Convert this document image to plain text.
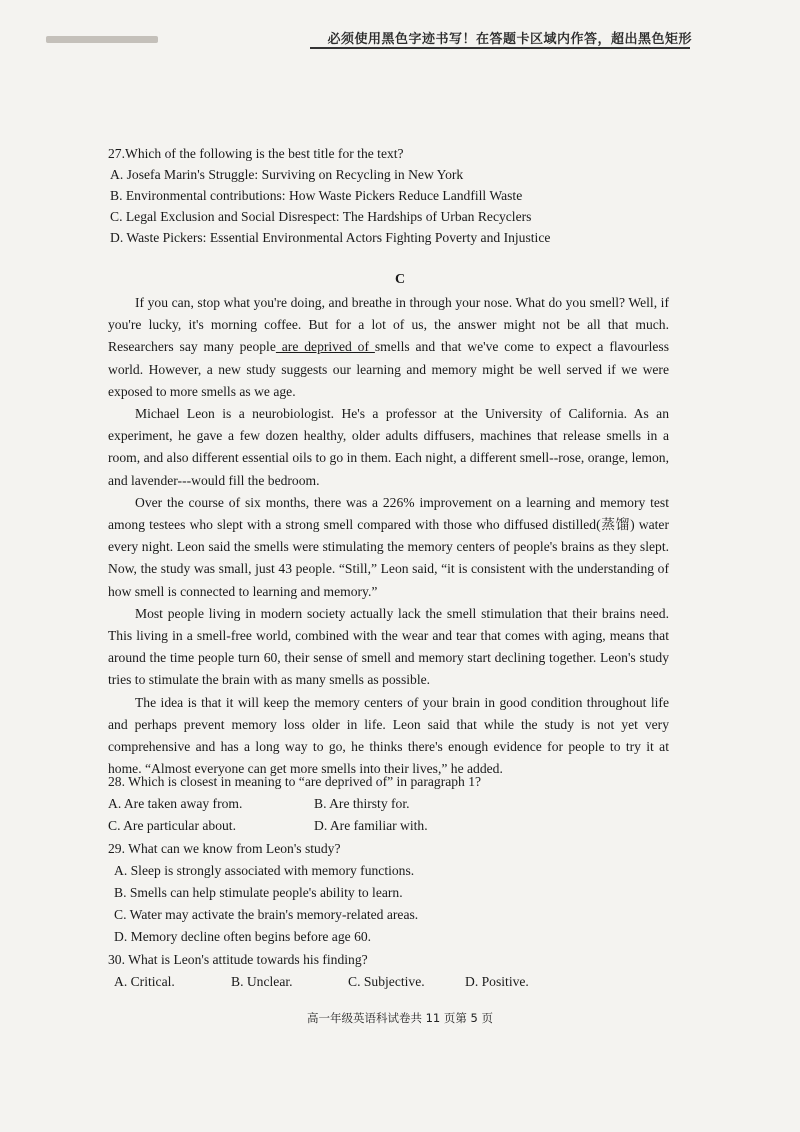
必须使用黑色字迹书写！在答题卡区域内作答，超出黑色矩形
27.Which of the following is the best title for the text?
A. Josefa Marin's Struggle: Surviving on Recycling in New York
B. Environmental contributions: How Waste Pickers Reduce Landfill Waste
C. Legal Exclusion and Social Disrespect: The Hardships of Urban Recyclers
D. Waste Pickers: Essential Environmental Actors Fighting Poverty and Injustice
C

If you can, stop what you're doing, and breathe in through your nose. What do you smell? Well, if you're lucky, it's morning coffee. But for a lot of us, the answer might not be all that much. Researchers say many people are deprived of smells and that we've come to expect a flavourless world. However, a new study suggests our learning and memory might be well served if we were exposed to more smells as we age.

Michael Leon is a neurobiologist. He's a professor at the University of California. As an experiment, he gave a few dozen healthy, older adults diffusers, machines that release smells in a room, and also different essential oils to go in them. Each night, a different smell--rose, orange, lemon, and lavender---would fill the bedroom.

Over the course of six months, there was a 226% improvement on a learning and memory test among testees who slept with a strong smell compared with those who diffused distilled(蒸馏) water every night. Leon said the smells were stimulating the memory centers of people's brains as they slept. Now, the study was small, just 43 people. “Still,” Leon said, “it is consistent with the understanding of how smell is connected to learning and memory.”

Most people living in modern society actually lack the smell stimulation that their brains need. This living in a smell-free world, combined with the wear and tear that comes with aging, means that around the time people turn 60, their sense of smell and memory start declining together. Leon's study tries to stimulate the brain with as many smells as possible.

The idea is that it will keep the memory centers of your brain in good condition throughout life and perhaps prevent memory loss older in life. Leon said that while the study is not yet very comprehensive and has a long way to go, he thinks there's enough evidence for people to try it at home. “Almost everyone can get more smells into their lives,” he added.

28. Which is closest in meaning to “are deprived of” in paragraph 1?
A. Are taken away from.	B. Are thirsty for.
C. Are particular about.	D. Are familiar with.
29. What can we know from Leon's study?
A. Sleep is strongly associated with memory functions.
B. Smells can help stimulate people's ability to learn.
C. Water may activate the brain's memory-related areas.
D. Memory decline often begins before age 60.
30. What is Leon's attitude towards his finding?
A. Critical.	B. Unclear.	C. Subjective.	D. Positive.
高一年级英语科试卷共 11 页第 5 页
